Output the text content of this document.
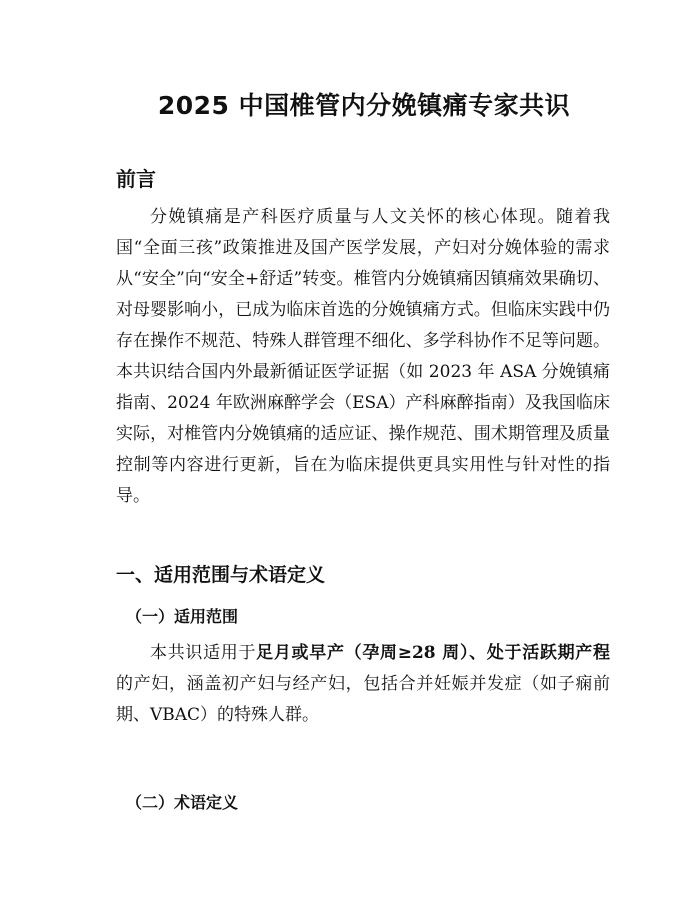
2025 中国椎管内分娩镇痛专家共识
前言

分娩镇痛是产科医疗质量与人文关怀的核心体现。随着我国“全面三孩”政策推进及国产医学发展，产妇对分娩体验的需求从“安全”向“安全+舒适”转变。椎管内分娩镇痛因镇痛效果确切、对母婴影响小，已成为临床首选的分娩镇痛方式。但临床实践中仍存在操作不规范、特殊人群管理不细化、多学科协作不足等问题。本共识结合国内外最新循证医学证据（如 2023 年 ASA 分娩镇痛指南、2024 年欧洲麻醉学会（ESA）产科麻醉指南）及我国临床实际，对椎管内分娩镇痛的适应证、操作规范、围术期管理及质量控制等内容进行更新，旨在为临床提供更具实用性与针对性的指导。

一、适用范围与术语定义
（一）适用范围

本共识适用于足月或早产（孕周≥28 周）、处于活跃期产程的产妇，涵盖初产妇与经产妇，包括合并妊娠并发症（如子痫前期、VBAC）的特殊人群。

（二）术语定义
